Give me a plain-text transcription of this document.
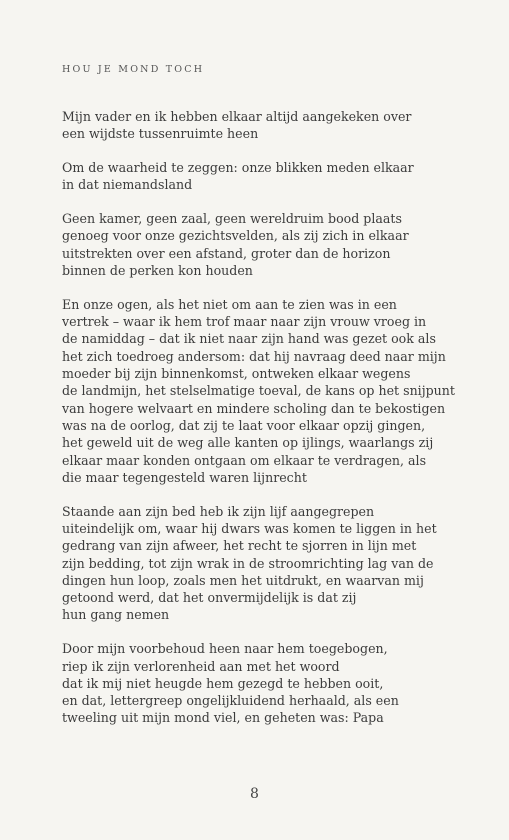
HOU JE MOND TOCH
Mijn vader en ik hebben elkaar altijd aangekeken over
een wijdste tussenruimte heen
Om de waarheid te zeggen: onze blikken meden elkaar
in dat niemandsland
Geen kamer, geen zaal, geen wereldruim bood plaats
genoeg voor onze gezichtsvelden, als zij zich in elkaar
uitstrekten over een afstand, groter dan de horizon
binnen de perken kon houden
En onze ogen, als het niet om aan te zien was in een
vertrek – waar ik hem trof maar naar zijn vrouw vroeg in
de namiddag – dat ik niet naar zijn hand was gezet ook als
het zich toedroeg andersom: dat hij navraag deed naar mijn
moeder bij zijn binnenkomst, ontweken elkaar wegens
de landmijn, het stelselmatige toeval, de kans op het snijpunt
van hogere welvaart en mindere scholing dan te bekostigen
was na de oorlog, dat zij te laat voor elkaar opzij gingen,
het geweld uit de weg alle kanten op ijlings, waarlangs zij
elkaar maar konden ontgaan om elkaar te verdragen, als
die maar tegengesteld waren lijnrecht
Staande aan zijn bed heb ik zijn lijf aangegrepen
uiteindelijk om, waar hij dwars was komen te liggen in het
gedrang van zijn afweer, het recht te sjorren in lijn met
zijn bedding, tot zijn wrak in de stroomrichting lag van de
dingen hun loop, zoals men het uitdrukt, en waarvan mij
getoond werd, dat het onvermijdelijk is dat zij
hun gang nemen
Door mijn voorbehoud heen naar hem toegebogen,
riep ik zijn verlorenheid aan met het woord
dat ik mij niet heugde hem gezegd te hebben ooit,
en dat, lettergreep ongelijkluidend herhaald, als een
tweeling uit mijn mond viel, en geheten was: Papa
8
